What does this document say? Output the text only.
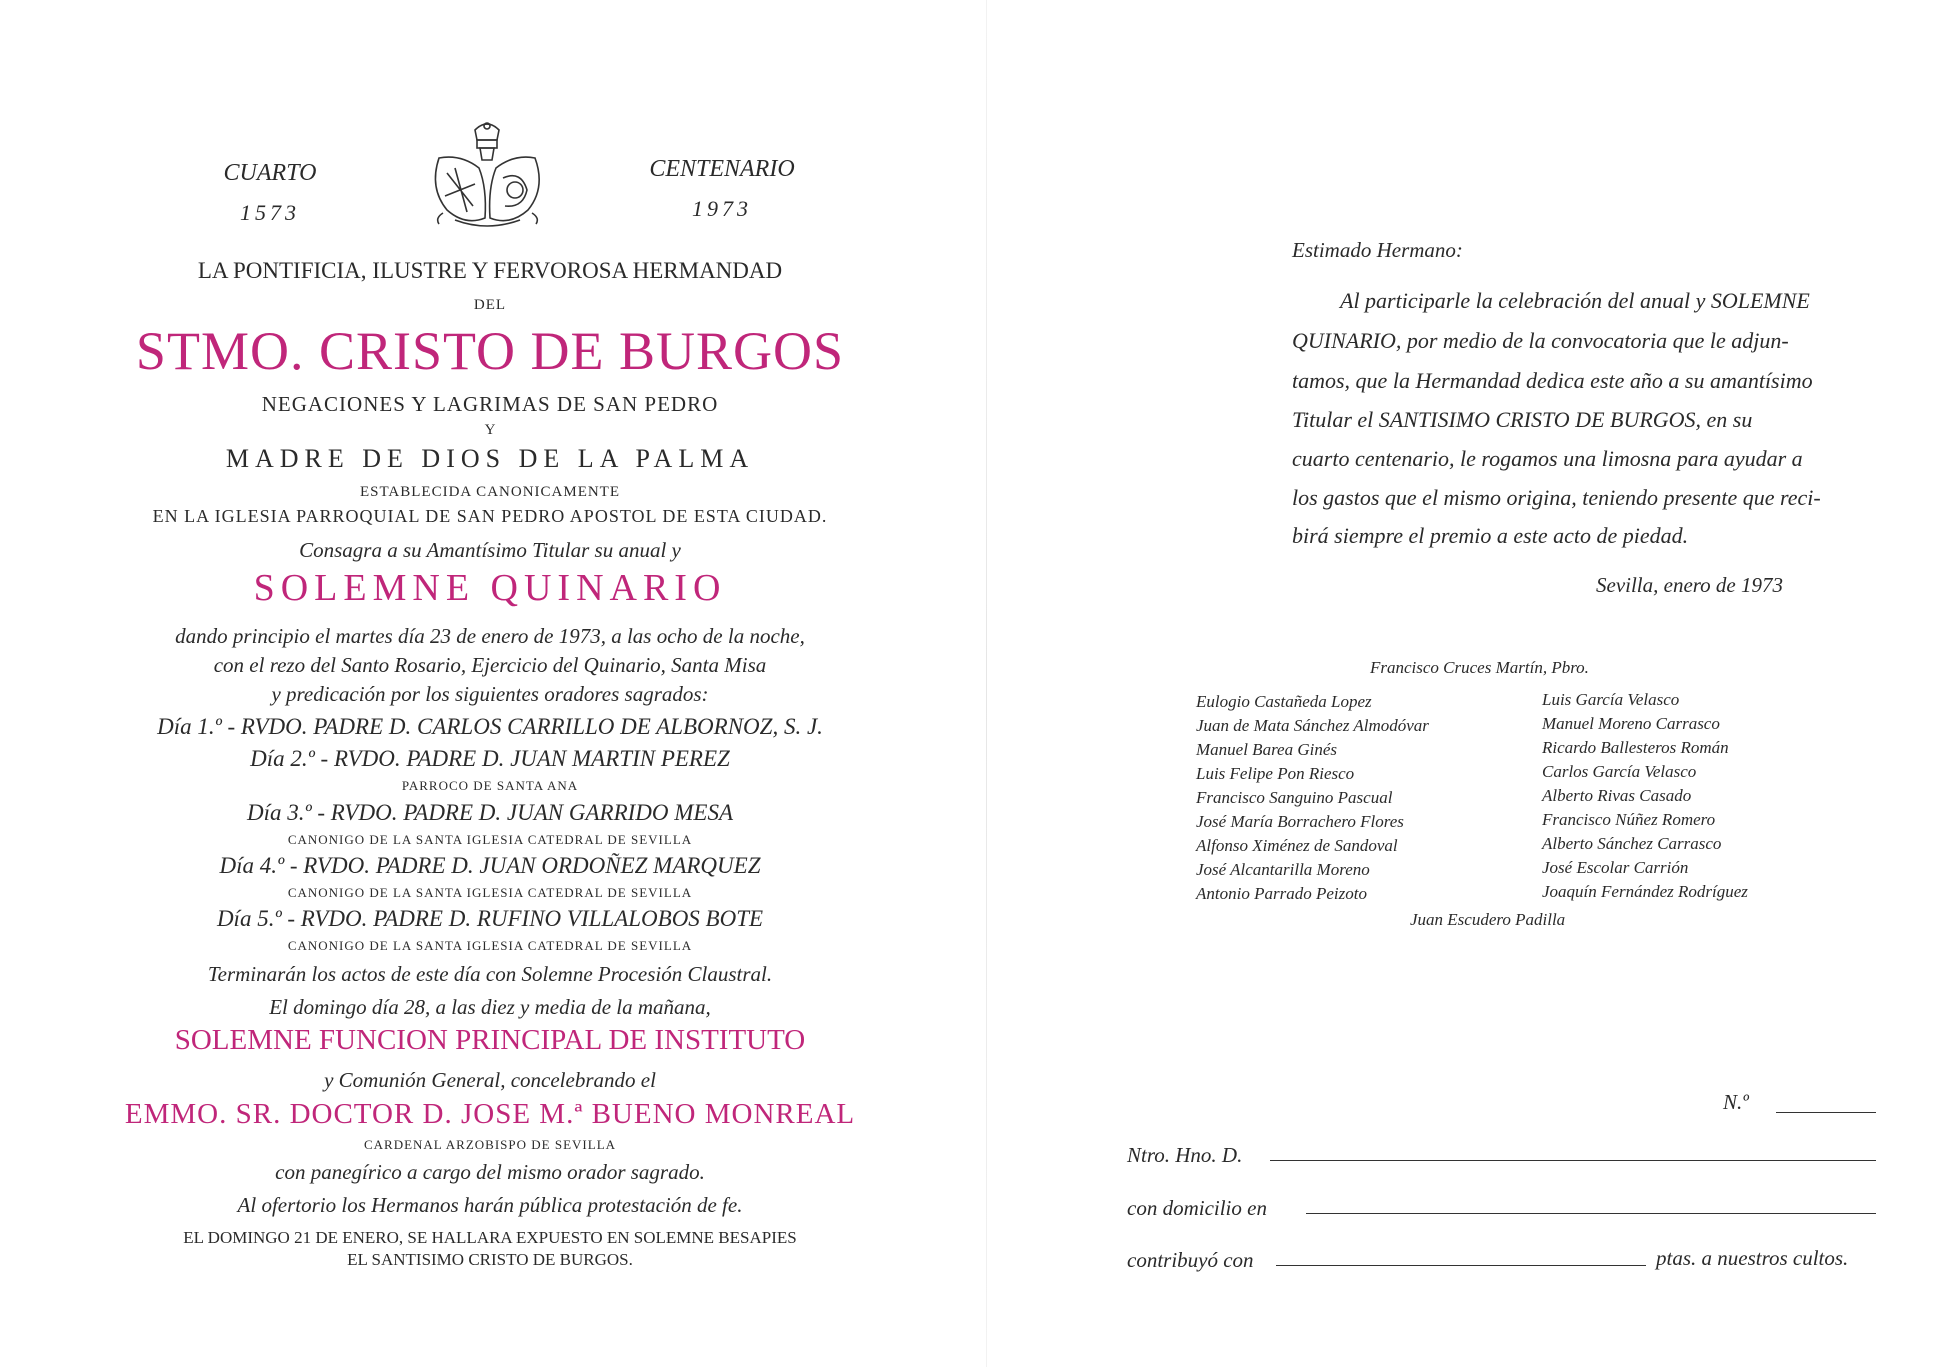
CUARTO
1573
CENTENARIO
1973
LA PONTIFICIA, ILUSTRE Y FERVOROSA HERMANDAD
DEL
STMO. CRISTO DE BURGOS
NEGACIONES Y LAGRIMAS DE SAN PEDRO
Y
MADRE DE DIOS DE LA PALMA
ESTABLECIDA CANONICAMENTE
EN LA IGLESIA PARROQUIAL DE SAN PEDRO APOSTOL DE ESTA CIUDAD.
Consagra a su Amantísimo Titular su anual y
SOLEMNE QUINARIO
dando principio el martes día 23 de enero de 1973, a las ocho de la noche,
con el rezo del Santo Rosario, Ejercicio del Quinario, Santa Misa
y predicación por los siguientes oradores sagrados:
Día 1.º - RVDO. PADRE D. CARLOS CARRILLO DE ALBORNOZ, S. J.
Día 2.º - RVDO. PADRE D. JUAN MARTIN PEREZ
PARROCO DE SANTA ANA
Día 3.º - RVDO. PADRE D. JUAN GARRIDO MESA
CANONIGO DE LA SANTA IGLESIA CATEDRAL DE SEVILLA
Día 4.º - RVDO. PADRE D. JUAN ORDOÑEZ MARQUEZ
CANONIGO DE LA SANTA IGLESIA CATEDRAL DE SEVILLA
Día 5.º - RVDO. PADRE D. RUFINO VILLALOBOS BOTE
CANONIGO DE LA SANTA IGLESIA CATEDRAL DE SEVILLA
Terminarán los actos de este día con Solemne Procesión Claustral.
El domingo día 28, a las diez y media de la mañana,
SOLEMNE FUNCION PRINCIPAL DE INSTITUTO
y Comunión General, concelebrando el
EMMO. SR. DOCTOR D. JOSE M.ª BUENO MONREAL
CARDENAL ARZOBISPO DE SEVILLA
con panegírico a cargo del mismo orador sagrado.
Al ofertorio los Hermanos harán pública protestación de fe.
EL DOMINGO 21 DE ENERO, SE HALLARA EXPUESTO EN SOLEMNE BESAPIES
EL SANTISIMO CRISTO DE BURGOS.
Estimado Hermano:
Al participarle la celebración del anual y SOLEMNE
QUINARIO, por medio de la convocatoria que le adjun-
tamos, que la Hermandad dedica este año a su amantísimo
Titular el SANTISIMO CRISTO DE BURGOS, en su
cuarto centenario, le rogamos una limosna para ayudar a
los gastos que el mismo origina, teniendo presente que reci-
birá siempre el premio a este acto de piedad.
Sevilla, enero de 1973
Francisco Cruces Martín, Pbro.
Eulogio Castañeda Lopez
Juan de Mata Sánchez Almodóvar
Manuel Barea Ginés
Luis Felipe Pon Riesco
Francisco Sanguino Pascual
José María Borrachero Flores
Alfonso Ximénez de Sandoval
José Alcantarilla Moreno
Antonio Parrado Peizoto
Luis García Velasco
Manuel Moreno Carrasco
Ricardo Ballesteros Román
Carlos García Velasco
Alberto Rivas Casado
Francisco Núñez Romero
Alberto Sánchez Carrasco
José Escolar Carrión
Joaquín Fernández Rodríguez
Juan Escudero Padilla
N.º
Ntro. Hno. D.
con domicilio en
contribuyó con	ptas. a nuestros cultos.
